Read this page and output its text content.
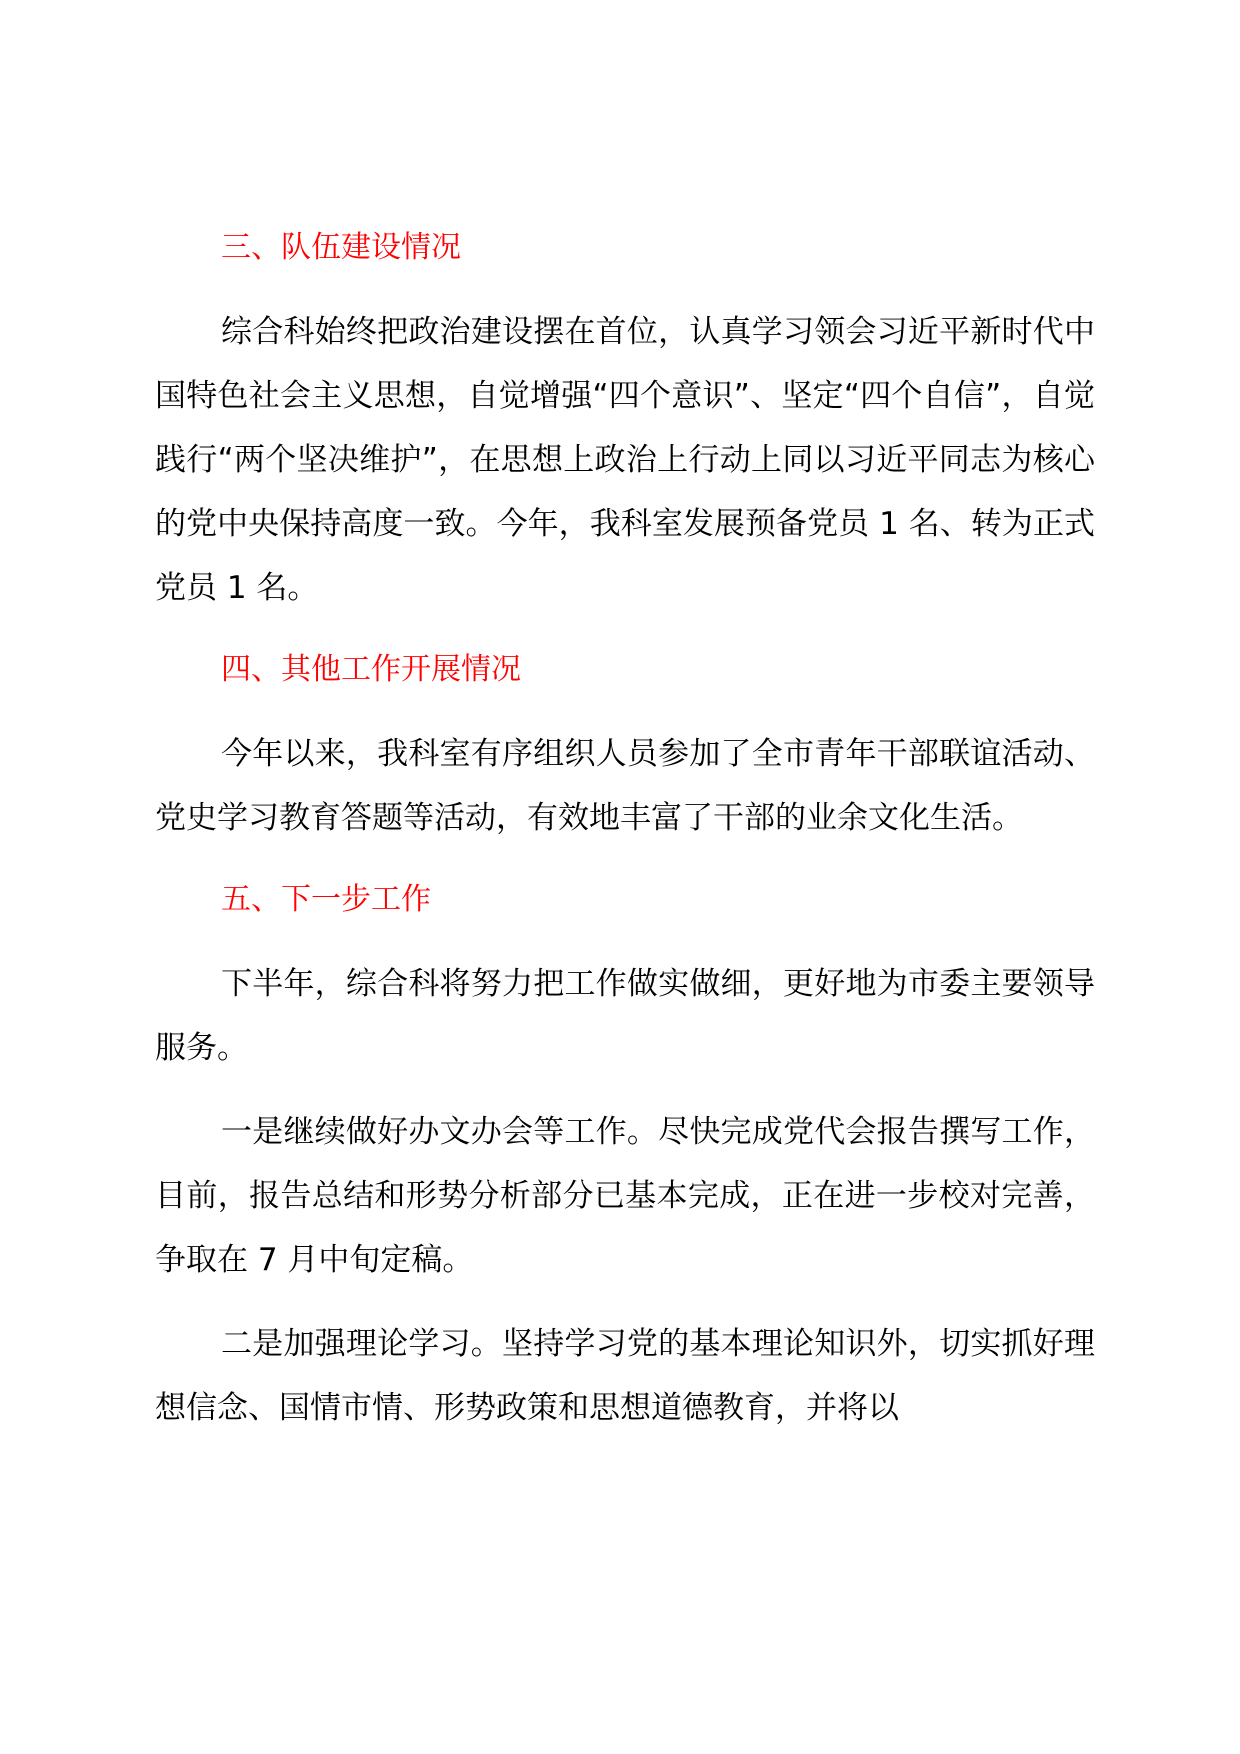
三、队伍建设情况

综合科始终把政治建设摆在首位，认真学习领会习近平新时代中国特色社会主义思想，自觉增强“四个意识”、坚定“四个自信”，自觉践行“两个坚决维护”，在思想上政治上行动上同以习近平同志为核心的党中央保持高度一致。今年，我科室发展预备党员 1 名、转为正式党员 1 名。

四、其他工作开展情况

今年以来，我科室有序组织人员参加了全市青年干部联谊活动、党史学习教育答题等活动，有效地丰富了干部的业余文化生活。

五、下一步工作

下半年，综合科将努力把工作做实做细，更好地为市委主要领导服务。

一是继续做好办文办会等工作。尽快完成党代会报告撰写工作，目前，报告总结和形势分析部分已基本完成，正在进一步校对完善，争取在 7 月中旬定稿。

二是加强理论学习。坚持学习党的基本理论知识外，切实抓好理想信念、国情市情、形势政策和思想道德教育，并将以
